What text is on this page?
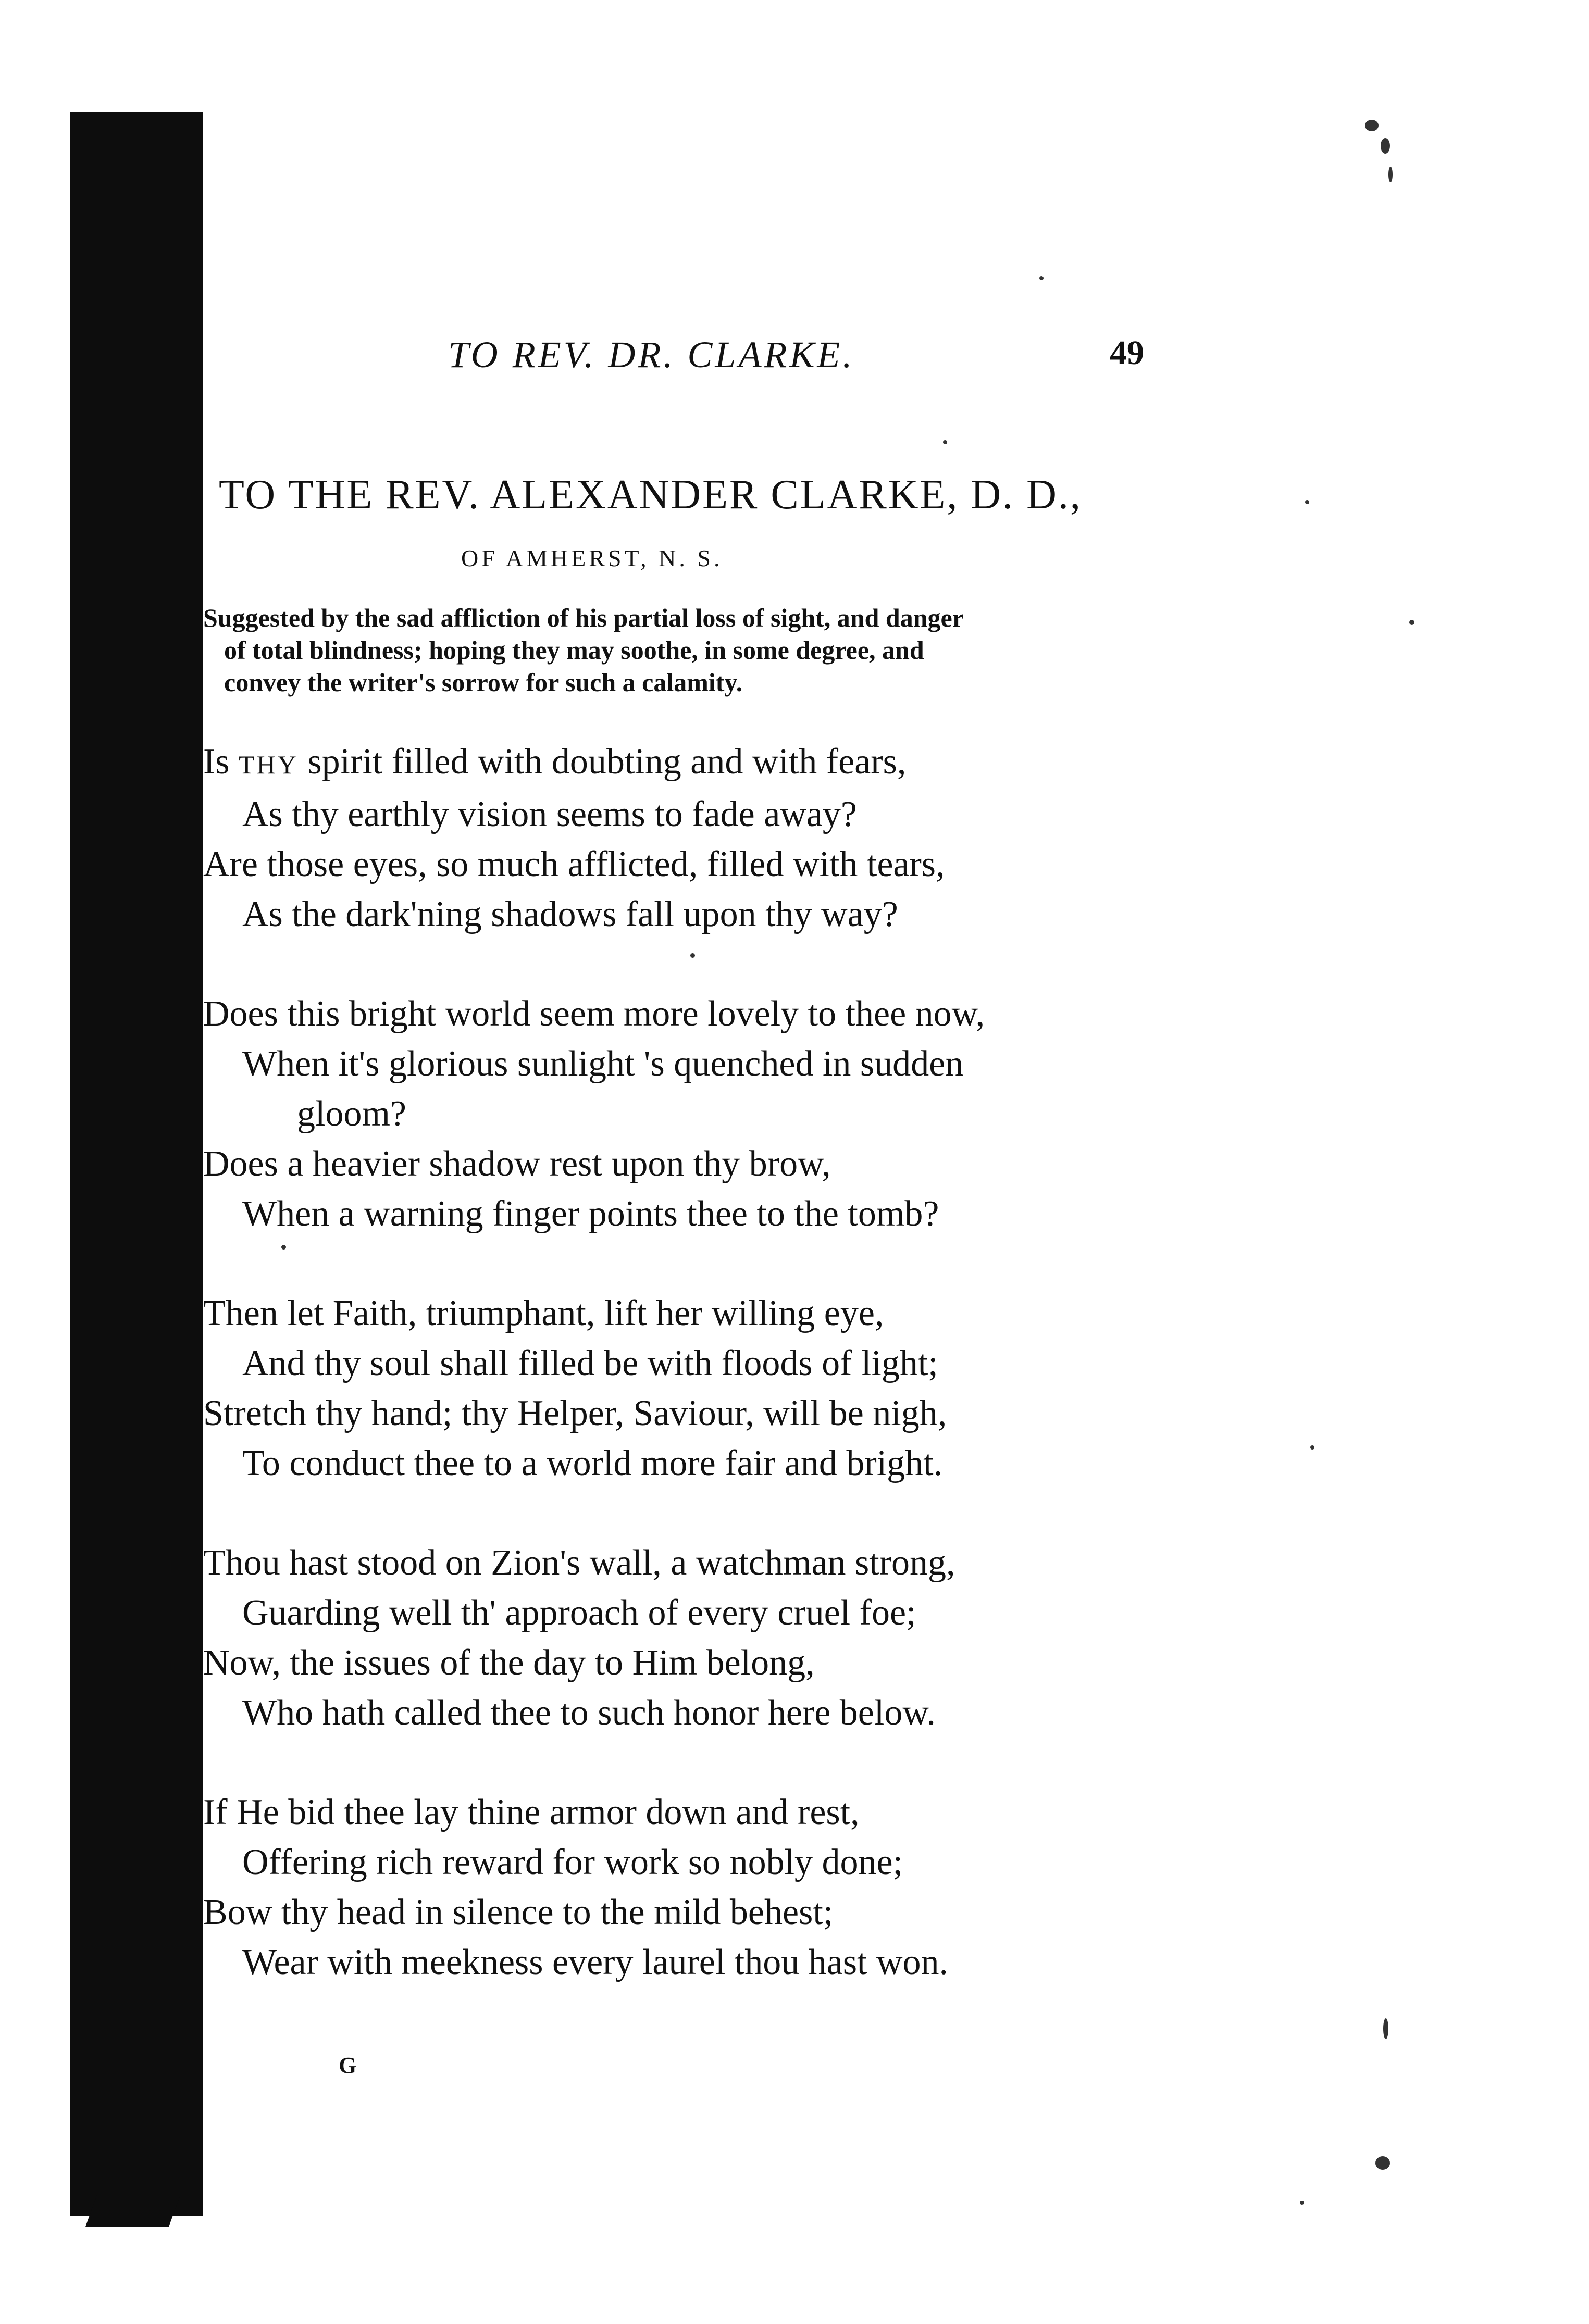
TO REV. DR. CLARKE.	49
TO THE REV. ALEXANDER CLARKE, D. D.,
OF AMHERST, N. S.
Suggested by the sad affliction of his partial loss of sight, and danger
of total blindness; hoping they may soothe, in some degree, and
convey the writer's sorrow for such a calamity.
Is THY spirit filled with doubting and with fears,
As thy earthly vision seems to fade away?
Are those eyes, so much afflicted, filled with tears,
As the dark'ning shadows fall upon thy way?
Does this bright world seem more lovely to thee now,
When it's glorious sunlight 's quenched in sudden
gloom?
Does a heavier shadow rest upon thy brow,
When a warning finger points thee to the tomb?
Then let Faith, triumphant, lift her willing eye,
And thy soul shall filled be with floods of light;
Stretch thy hand; thy Helper, Saviour, will be nigh,
To conduct thee to a world more fair and bright.
Thou hast stood on Zion's wall, a watchman strong,
Guarding well th' approach of every cruel foe;
Now, the issues of the day to Him belong,
Who hath called thee to such honor here below.
If He bid thee lay thine armor down and rest,
Offering rich reward for work so nobly done;
Bow thy head in silence to the mild behest;
Wear with meekness every laurel thou hast won.
G
